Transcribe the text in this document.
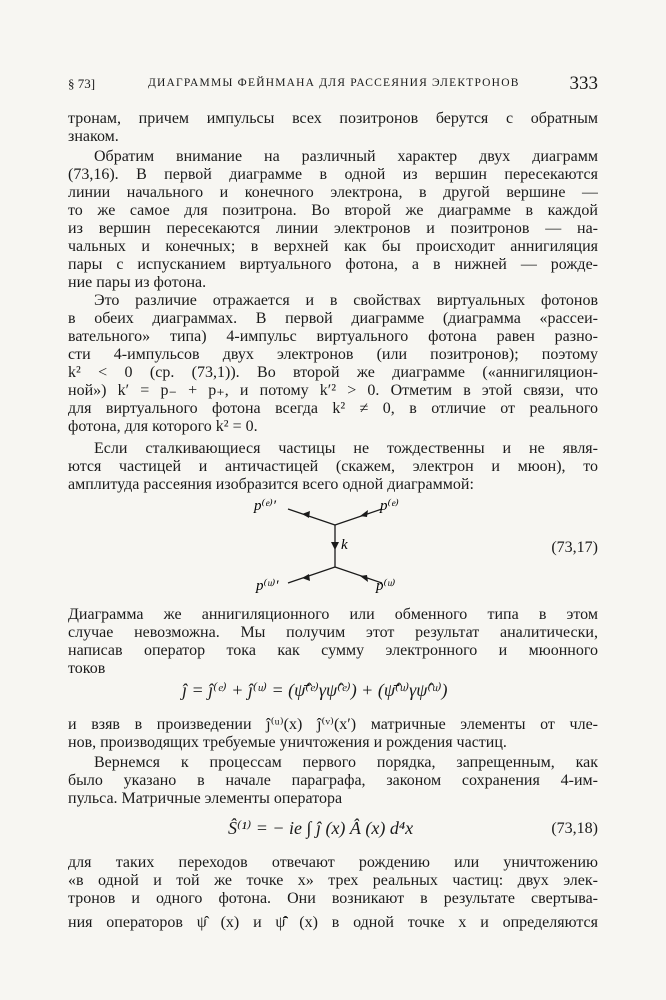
§ 73]	ДИАГРАММЫ ФЕЙНМАНА ДЛЯ РАССЕЯНИЯ ЭЛЕКТРОНОВ	333
тронам, причем импульсы всех позитронов берутся с обратным
знаком.
Обратим внимание на различный характер двух диаграмм
(73,16). В первой диаграмме в одной из вершин пересекаются
линии начального и конечного электрона, в другой вершине —
то же самое для позитрона. Во второй же диаграмме в каждой
из вершин пересекаются линии электронов и позитронов — на-
чальных и конечных; в верхней как бы происходит аннигиляция
пары с испусканием виртуального фотона, а в нижней — рожде-
ние пары из фотона.
Это различие отражается и в свойствах виртуальных фотонов
в обеих диаграммах. В первой диаграмме (диаграмма «рассеи-
вательного» типа) 4-импульс виртуального фотона равен разно-
сти 4-импульсов двух электронов (или позитронов); поэтому
k² < 0 (ср. (73,1)). Во второй же диаграмме («аннигиляцион-
ной») k′ = p₋ + p₊, и потому k′² > 0. Отметим в этой связи, что
для виртуального фотона всегда k² ≠ 0, в отличие от реального
фотона, для которого k² = 0.
Если сталкивающиеся частицы не тождественны и не явля-
ются частицей и античастицей (скажем, электрон и мюон), то
амплитуда рассеяния изобразится всего одной диаграммой:
p⁽ᵉ⁾′	p⁽ᵉ⁾
k
p⁽ᵘ⁾′	p⁽ᵘ⁾
(73,17)
Диаграмма же аннигиляционного или обменного типа в этом
случае невозможна. Мы получим этот результат аналитически,
написав оператор тока как сумму электронного и мюонного
токов
ĵ = ĵ⁽ᵉ⁾ + ĵ⁽ᵘ⁾ = (ψ̄̂⁽ᵉ⁾γψ̂⁽ᵉ⁾) + (ψ̄̂⁽ᵘ⁾γψ̂⁽ᵘ⁾)
и взяв в произведении ĵ⁽ᵘ⁾(x) ĵ⁽ᵛ⁾(x′) матричные элементы от чле-
нов, производящих требуемые уничтожения и рождения частиц.
Вернемся к процессам первого порядка, запрещенным, как
было указано в начале параграфа, законом сохранения 4-им-
пульса. Матричные элементы оператора
Ŝ⁽¹⁾ = − ie ∫ ĵ (x) Â (x) d⁴x	(73,18)
для таких переходов отвечают рождению или уничтожению
«в одной и той же точке x» трех реальных частиц: двух элек-
тронов и одного фотона. Они возникают в результате свертыва-
ния операторов ψ̂ (x) и ψ̄̂ (x) в одной точке x и определяются
